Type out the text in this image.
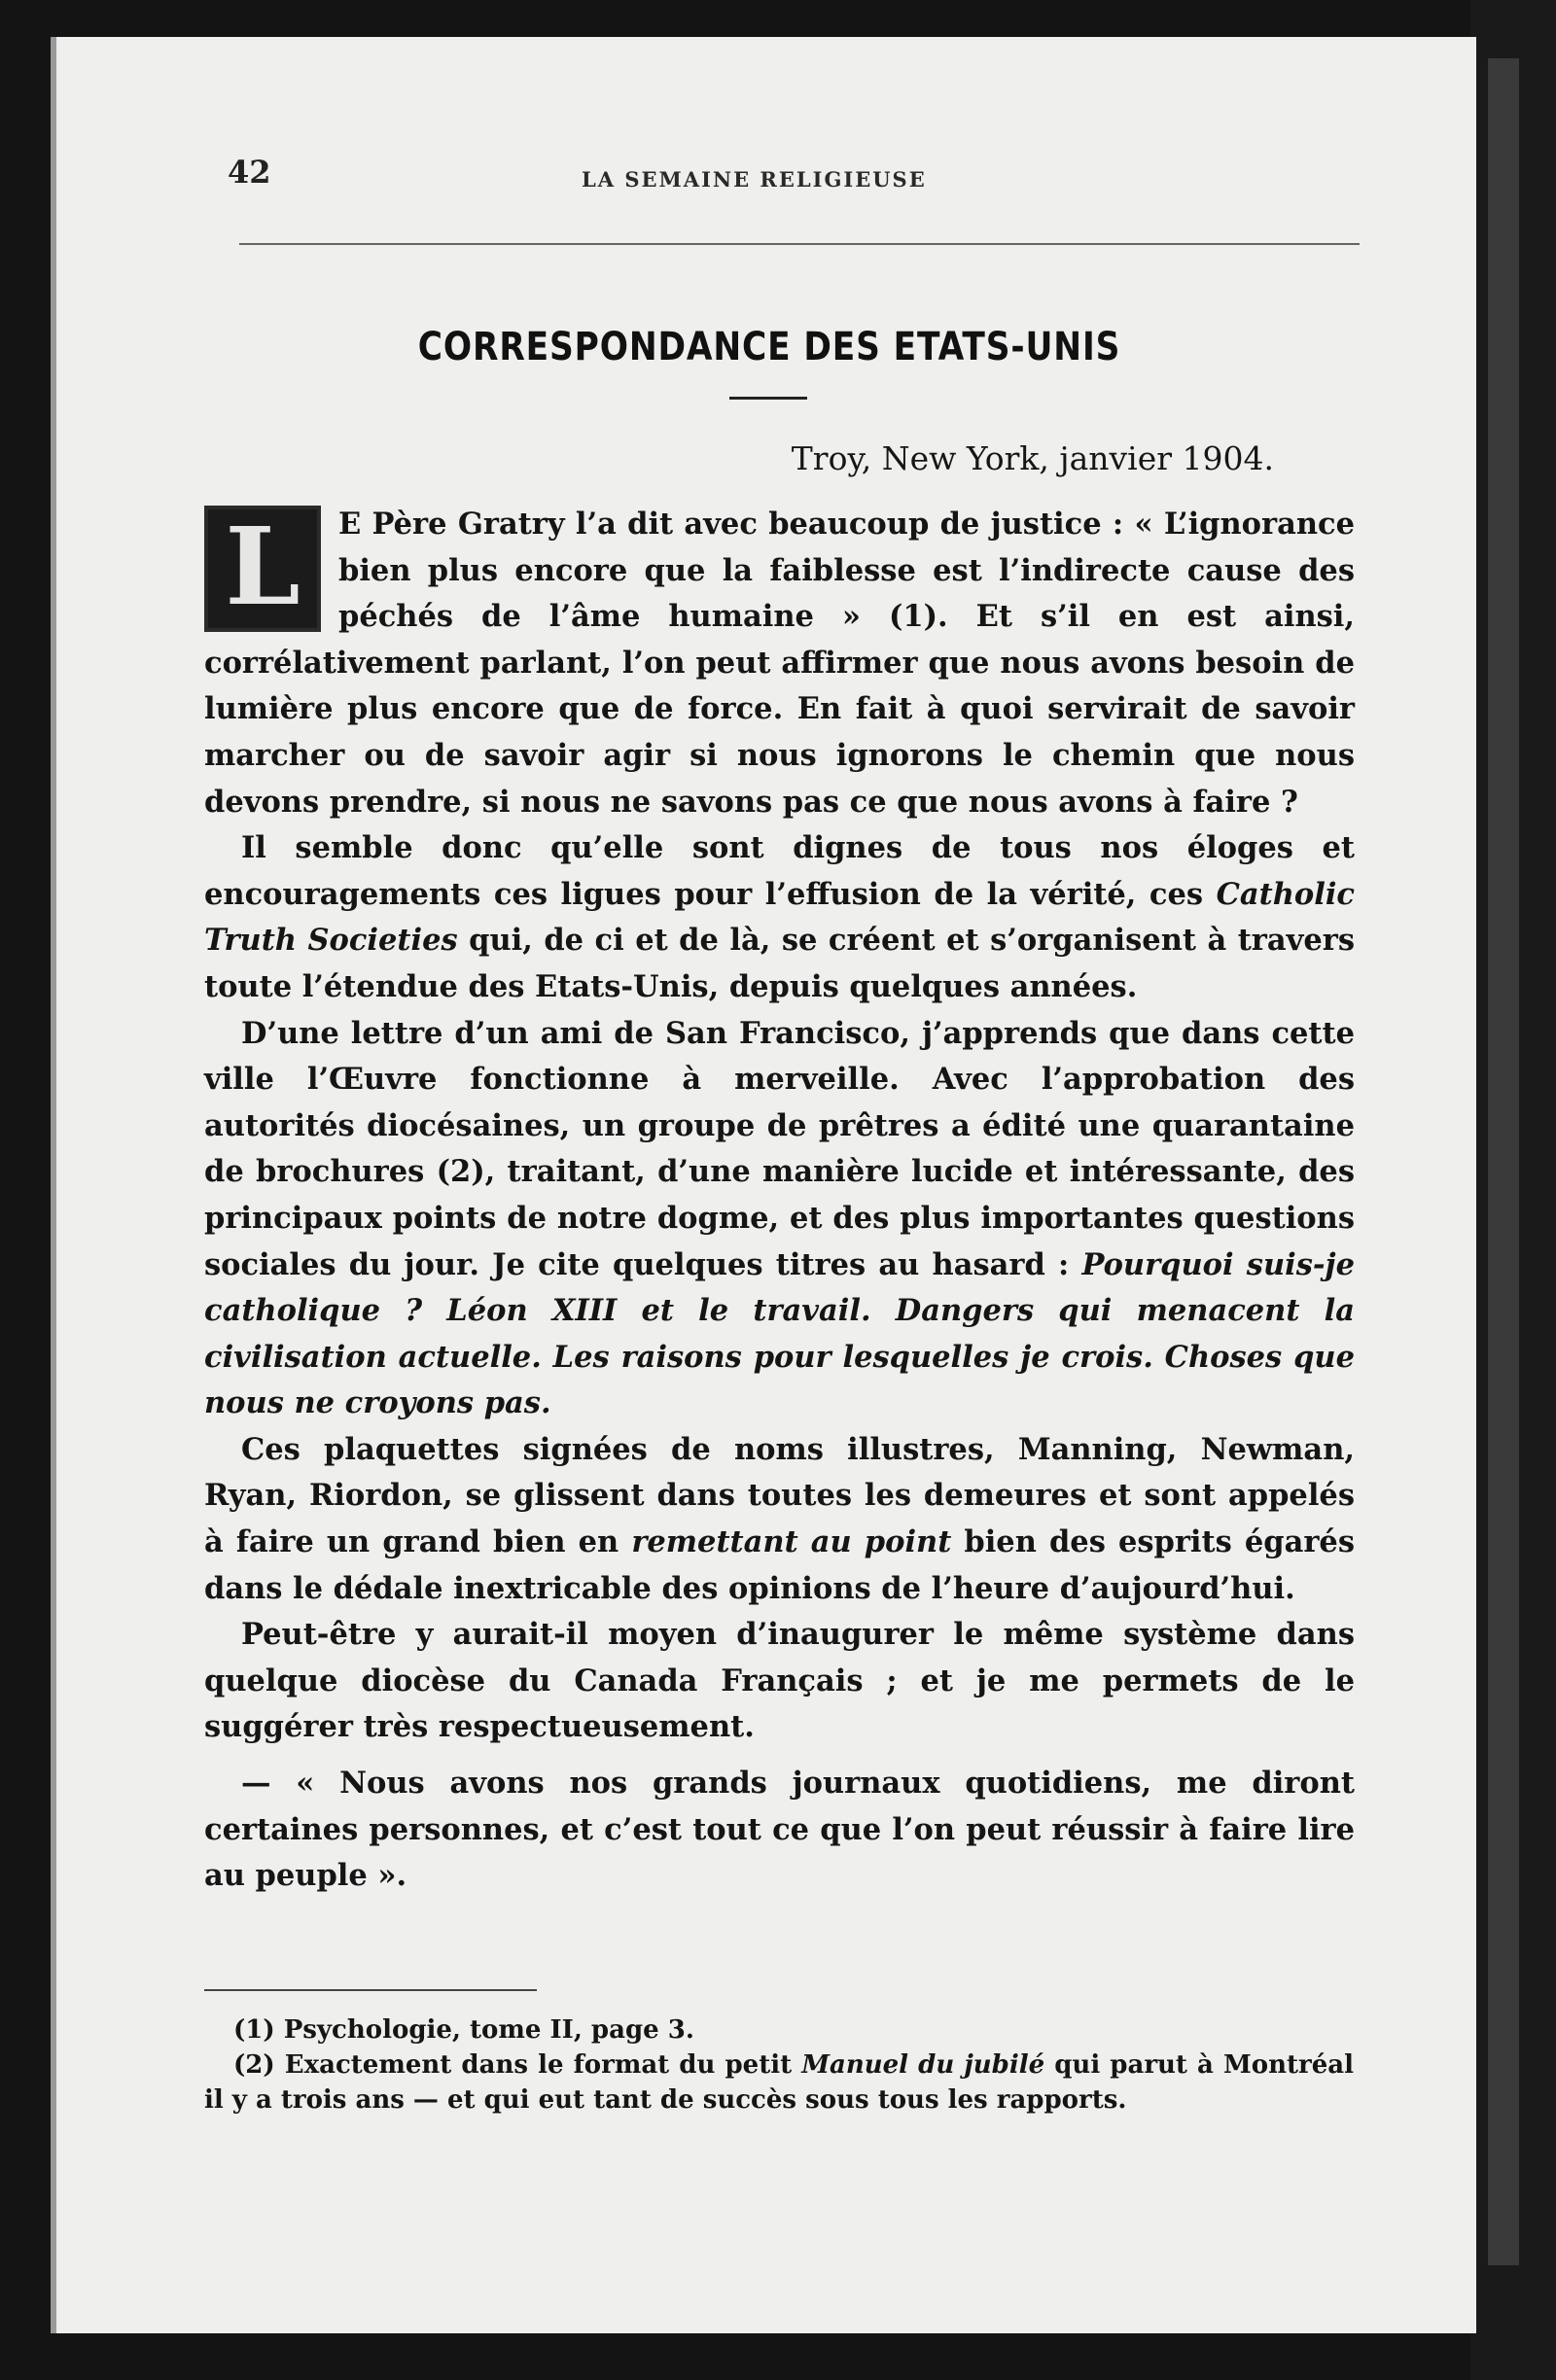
42	LA SEMAINE RELIGIEUSE
CORRESPONDANCE DES ETATS-UNIS
Troy, New York, janvier 1904.

L	E Père Gratry l’a dit avec beaucoup de justice : « L’ignorance bien plus encore que la faiblesse est l’indirecte cause des péchés de l’âme humaine » (1). Et s’il en est ainsi, corrélativement parlant, l’on peut affirmer que nous avons besoin de lumière plus encore que de force. En fait à quoi servirait de savoir marcher ou de savoir agir si nous ignorons le chemin que nous devons prendre, si nous ne savons pas ce que nous avons à faire ?

Il semble donc qu’elle sont dignes de tous nos éloges et encouragements ces ligues pour l’effusion de la vérité, ces Catholic Truth Societies qui, de ci et de là, se créent et s’organisent à travers toute l’étendue des Etats-Unis, depuis quelques années.

D’une lettre d’un ami de San Francisco, j’apprends que dans cette ville l’Œuvre fonctionne à merveille. Avec l’approbation des autorités diocésaines, un groupe de prêtres a édité une quarantaine de brochures (2), traitant, d’une manière lucide et intéressante, des principaux points de notre dogme, et des plus importantes questions sociales du jour. Je cite quelques titres au hasard : Pourquoi suis-je catholique ? Léon XIII et le travail. Dangers qui menacent la civilisation actuelle. Les raisons pour lesquelles je crois. Choses que nous ne croyons pas.

Ces plaquettes signées de noms illustres, Manning, Newman, Ryan, Riordon, se glissent dans toutes les demeures et sont appelés à faire un grand bien en remettant au point bien des esprits égarés dans le dédale inextricable des opinions de l’heure d’aujourd’hui.

Peut-être y aurait-il moyen d’inaugurer le même système dans quelque diocèse du Canada Français ; et je me permets de le suggérer très respectueusement.

— « Nous avons nos grands journaux quotidiens, me diront certaines personnes, et c’est tout ce que l’on peut réussir à faire lire au peuple ».

(1) Psychologie, tome II, page 3.

(2) Exactement dans le format du petit Manuel du jubilé qui parut à Montréal il y a trois ans — et qui eut tant de succès sous tous les rapports.
